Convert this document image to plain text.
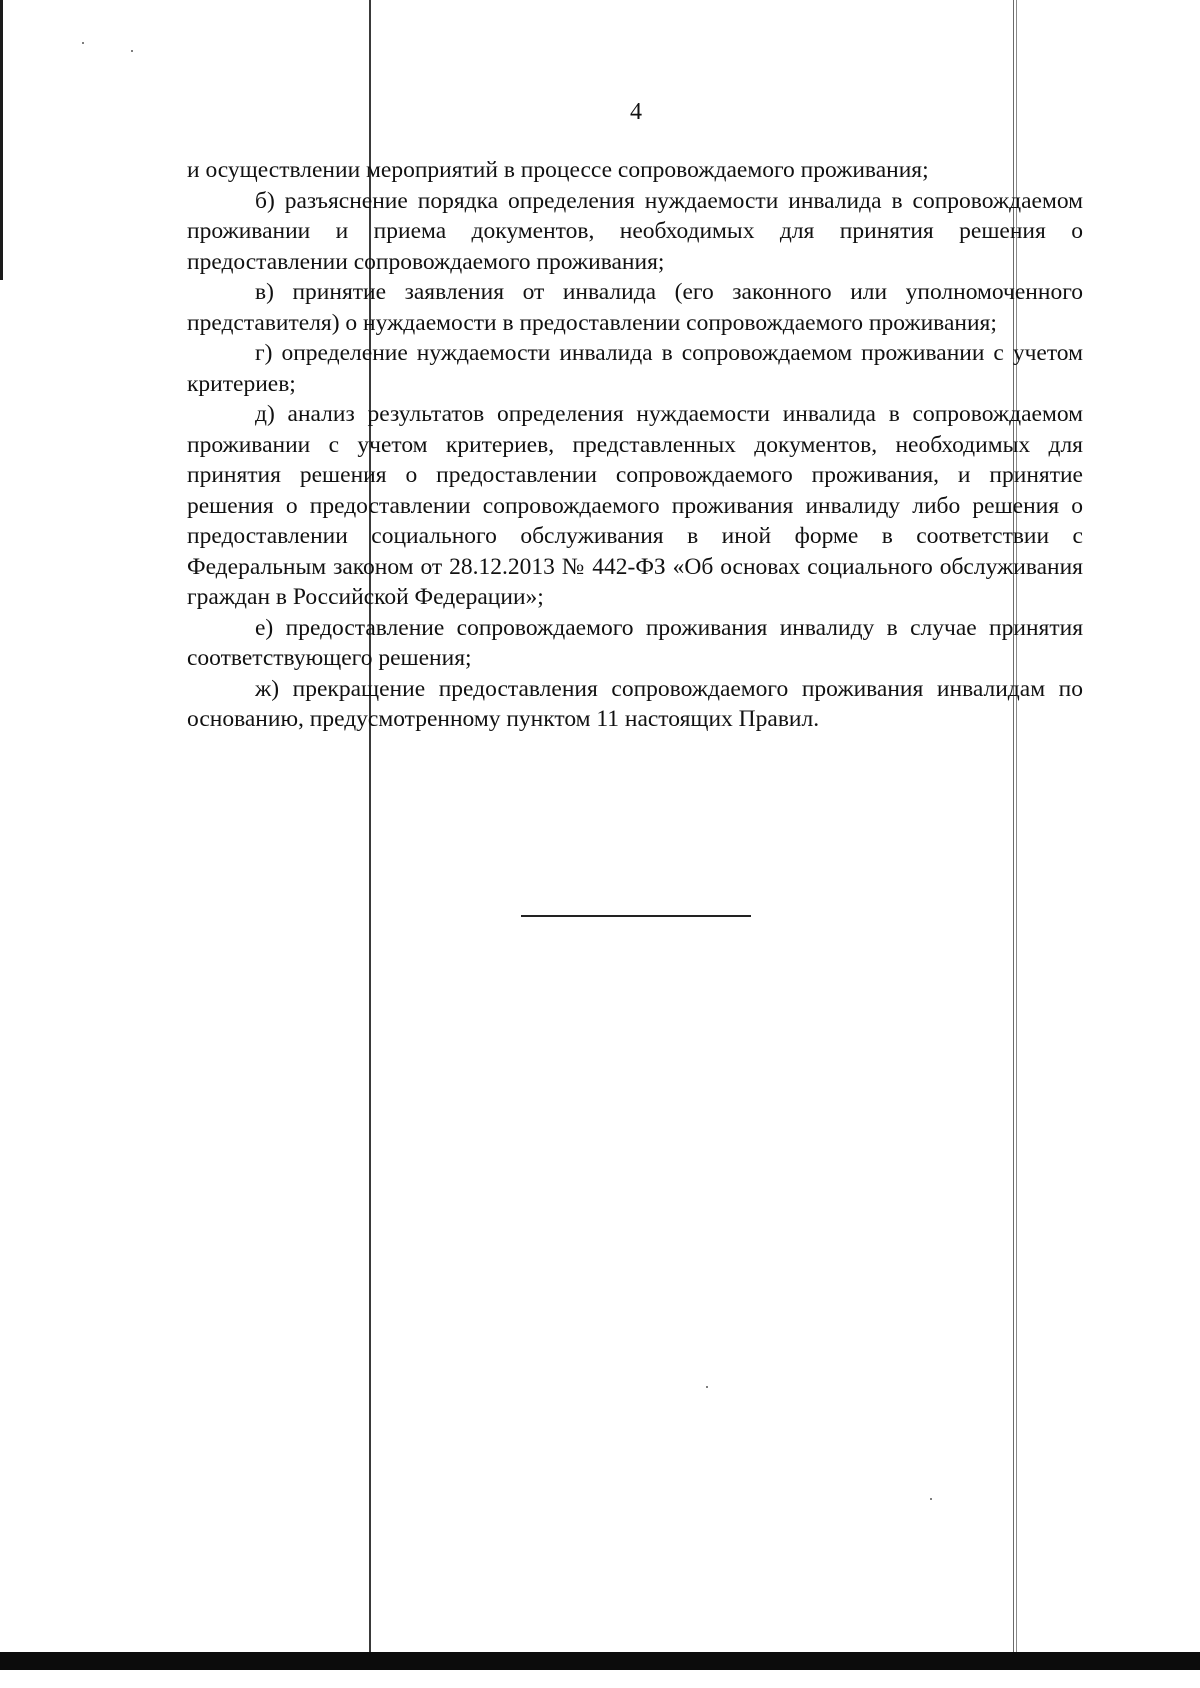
4

и осуществлении мероприятий в процессе сопровождаемого проживания;

б) разъяснение порядка определения нуждаемости инвалида в сопровождаемом проживании и приема документов, необходимых для принятия решения о предоставлении сопровождаемого проживания;

в) принятие заявления от инвалида (его законного или уполномоченного представителя) о нуждаемости в предоставлении сопровождаемого проживания;

г) определение нуждаемости инвалида в сопровождаемом проживании с учетом критериев;

д) анализ результатов определения нуждаемости инвалида в сопровождаемом проживании с учетом критериев, представленных документов, необходимых для принятия решения о предоставлении сопровождаемого проживания, и принятие решения о предоставлении сопровождаемого проживания инвалиду либо решения о предоставлении социального обслуживания в иной форме в соответствии с Федеральным законом от 28.12.2013 № 442-ФЗ «Об основах социального обслуживания граждан в Российской Федерации»;

е) предоставление сопровождаемого проживания инвалиду в случае принятия соответствующего решения;

ж) прекращение предоставления сопровождаемого проживания инвалидам по основанию, предусмотренному пунктом 11 настоящих Правил.
